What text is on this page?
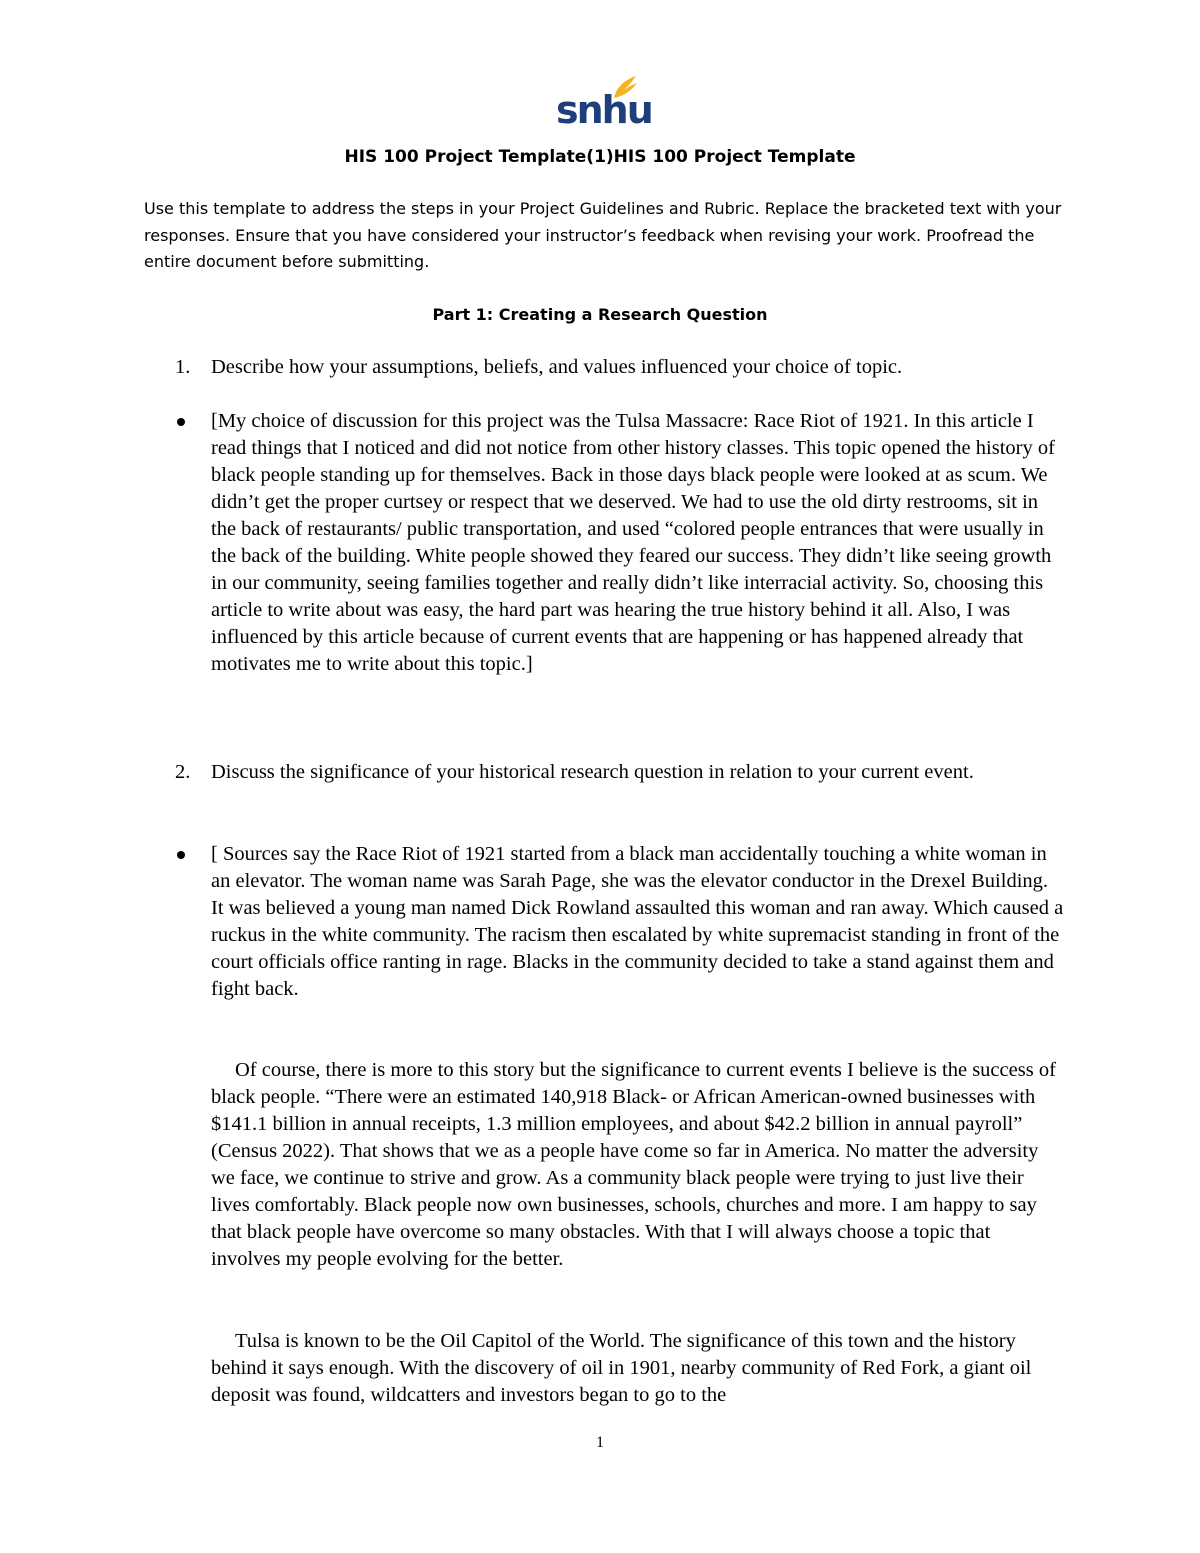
snhu
HIS 100 Project Template(1)HIS 100 Project Template
Use this template to address the steps in your Project Guidelines and Rubric. Replace the bracketed text with your responses. Ensure that you have considered your instructor’s feedback when revising your work. Proofread the entire document before submitting.
Part 1: Creating a Research Question
1. Describe how your assumptions, beliefs, and values influenced your choice of topic.
[My choice of discussion for this project was the Tulsa Massacre: Race Riot of 1921. In this article I read things that I noticed and did not notice from other history classes. This topic opened the history of black people standing up for themselves. Back in those days black people were looked at as scum. We didn’t get the proper curtsey or respect that we deserved. We had to use the old dirty restrooms, sit in the back of restaurants/ public transportation, and used “colored people entrances that were usually in the back of the building. White people showed they feared our success. They didn’t like seeing growth in our community, seeing families together and really didn’t like interracial activity. So, choosing this article to write about was easy, the hard part was hearing the true history behind it all. Also, I was influenced by this article because of current events that are happening or has happened already that motivates me to write about this topic.]
2. Discuss the significance of your historical research question in relation to your current event.
[ Sources say the Race Riot of 1921 started from a black man accidentally touching a white woman in an elevator. The woman name was Sarah Page, she was the elevator conductor in the Drexel Building. It was believed a young man named Dick Rowland assaulted this woman and ran away. Which caused a ruckus in the white community. The racism then escalated by white supremacist standing in front of the court officials office ranting in rage. Blacks in the community decided to take a stand against them and fight back.
Of course, there is more to this story but the significance to current events I believe is the success of black people. “There were an estimated 140,918 Black- or African American-owned businesses with $141.1 billion in annual receipts, 1.3 million employees, and about $42.2 billion in annual payroll” (Census 2022). That shows that we as a people have come so far in America. No matter the adversity we face, we continue to strive and grow. As a community black people were trying to just live their lives comfortably. Black people now own businesses, schools, churches and more. I am happy to say that black people have overcome so many obstacles. With that I will always choose a topic that involves my people evolving for the better.
Tulsa is known to be the Oil Capitol of the World. The significance of this town and the history behind it says enough. With the discovery of oil in 1901, nearby community of Red Fork, a giant oil deposit was found, wildcatters and investors began to go to the
1
